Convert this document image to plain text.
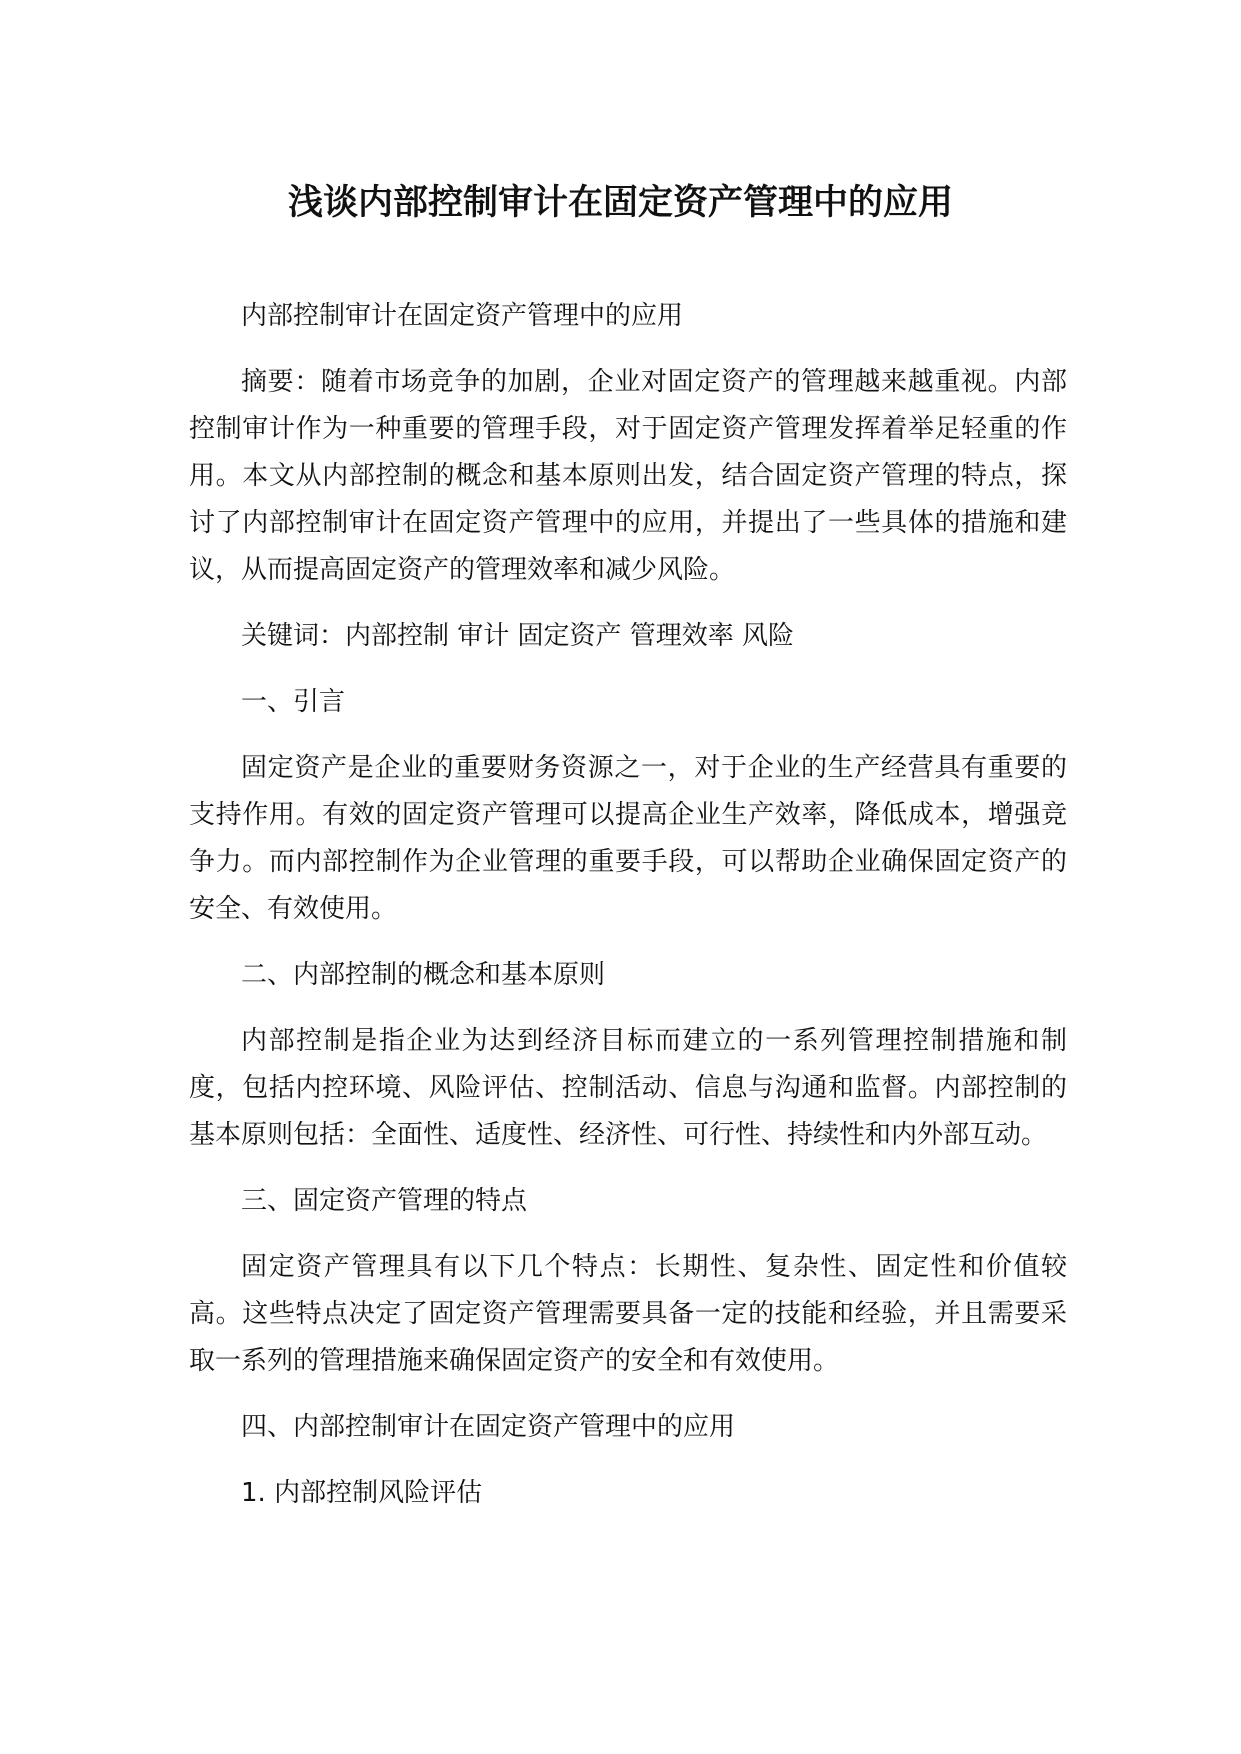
浅谈内部控制审计在固定资产管理中的应用

内部控制审计在固定资产管理中的应用

摘要：随着市场竞争的加剧，企业对固定资产的管理越来越重视。内部控制审计作为一种重要的管理手段，对于固定资产管理发挥着举足轻重的作用。本文从内部控制的概念和基本原则出发，结合固定资产管理的特点，探讨了内部控制审计在固定资产管理中的应用，并提出了一些具体的措施和建议，从而提高固定资产的管理效率和减少风险。

关键词：内部控制 审计 固定资产 管理效率 风险

一、引言

固定资产是企业的重要财务资源之一，对于企业的生产经营具有重要的支持作用。有效的固定资产管理可以提高企业生产效率，降低成本，增强竞争力。而内部控制作为企业管理的重要手段，可以帮助企业确保固定资产的安全、有效使用。

二、内部控制的概念和基本原则

内部控制是指企业为达到经济目标而建立的一系列管理控制措施和制度，包括内控环境、风险评估、控制活动、信息与沟通和监督。内部控制的基本原则包括：全面性、适度性、经济性、可行性、持续性和内外部互动。

三、固定资产管理的特点

固定资产管理具有以下几个特点：长期性、复杂性、固定性和价值较高。这些特点决定了固定资产管理需要具备一定的技能和经验，并且需要采取一系列的管理措施来确保固定资产的安全和有效使用。

四、内部控制审计在固定资产管理中的应用

1. 内部控制风险评估
